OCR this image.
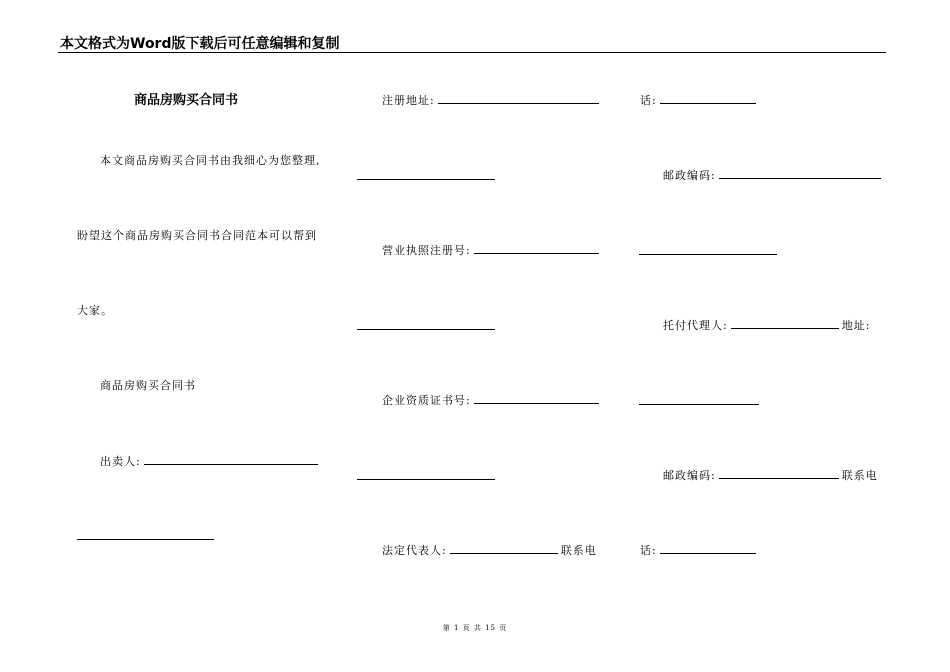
本文格式为Word版下载后可任意编辑和复制
商品房购买合同书
本文商品房购买合同书由我细心为您整理,
盼望这个商品房购买合同书合同范本可以帮到
大家。
商品房购买合同书
出卖人:
注册地址:
营业执照注册号:
企业资质证书号:
法定代表人:	联系电
话:
邮政编码:
托付代理人:	地址:
邮政编码:	联系电
话:
第 1 页 共 15 页
